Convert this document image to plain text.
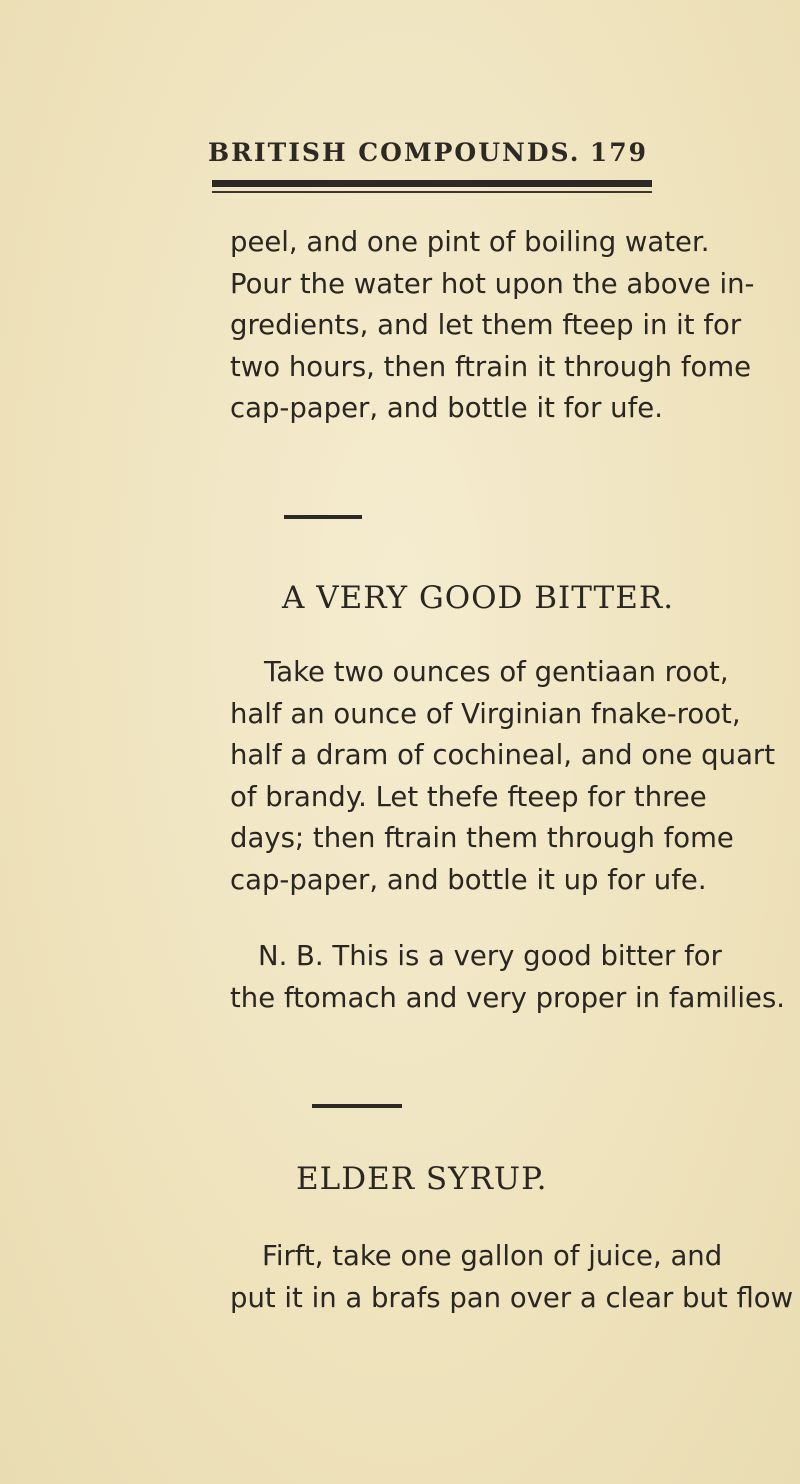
BRITISH COMPOUNDS. 179

peel, and one pint of boiling water.
Pour the water hot upon the above in-
gredients, and let them fteep in it for
two hours, then ftrain it through fome
cap-paper, and bottle it for ufe.

A VERY GOOD BITTER.

Take two ounces of gentiaan root,

half an ounce of Virginian fnake-root,
half a dram of cochineal, and one quart
of brandy. Let thefe fteep for three
days; then ftrain them through fome
cap-paper, and bottle it up for ufe.

N. B. This is a very good bitter for

the ftomach and very proper in families.

ELDER SYRUP.

Firft, take one gallon of juice, and

put it in a brafs pan over a clear but flow
